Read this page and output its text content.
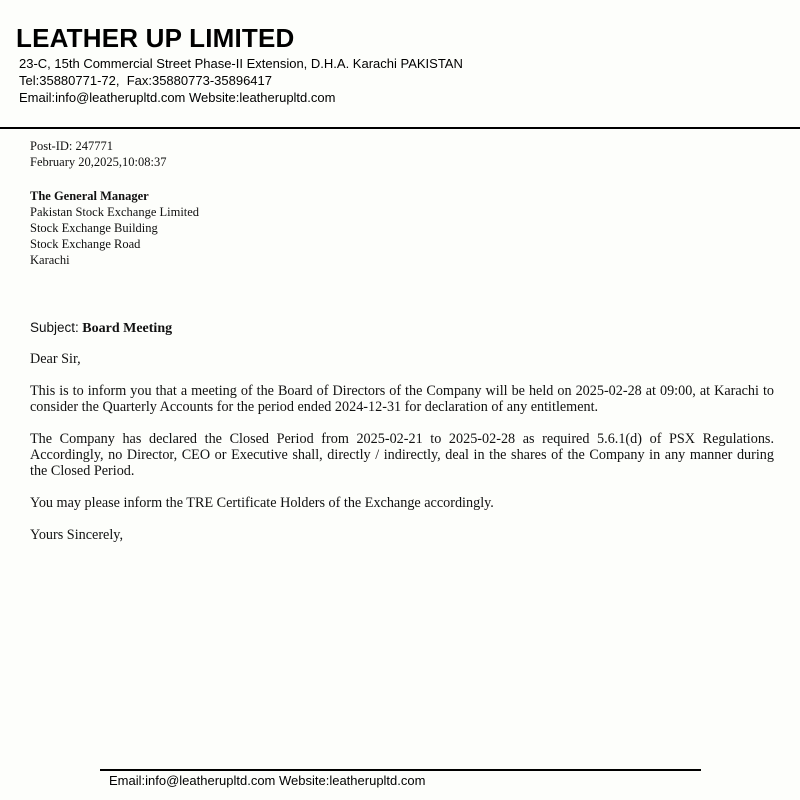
LEATHER UP LIMITED
23-C, 15th Commercial Street Phase-II Extension, D.H.A. Karachi PAKISTAN
Tel:35880771-72,  Fax:35880773-35896417
Email:info@leatherupltd.com Website:leatherupltd.com
Post-ID: 247771
February 20,2025,10:08:37
The General Manager
Pakistan Stock Exchange Limited
Stock Exchange Building
Stock Exchange Road
Karachi
Subject: Board Meeting

Dear Sir,

This is to inform you that a meeting of the Board of Directors of the Company will be held on 2025-02-28 at 09:00, at Karachi to consider the Quarterly Accounts for the period ended 2024-12-31 for declaration of any entitlement.

The Company has declared the Closed Period from 2025-02-21 to 2025-02-28 as required 5.6.1(d) of PSX Regulations. Accordingly, no Director, CEO or Executive shall, directly / indirectly, deal in the shares of the Company in any manner during the Closed Period.

You may please inform the TRE Certificate Holders of the Exchange accordingly.

Yours Sincerely,

Email:info@leatherupltd.com Website:leatherupltd.com
